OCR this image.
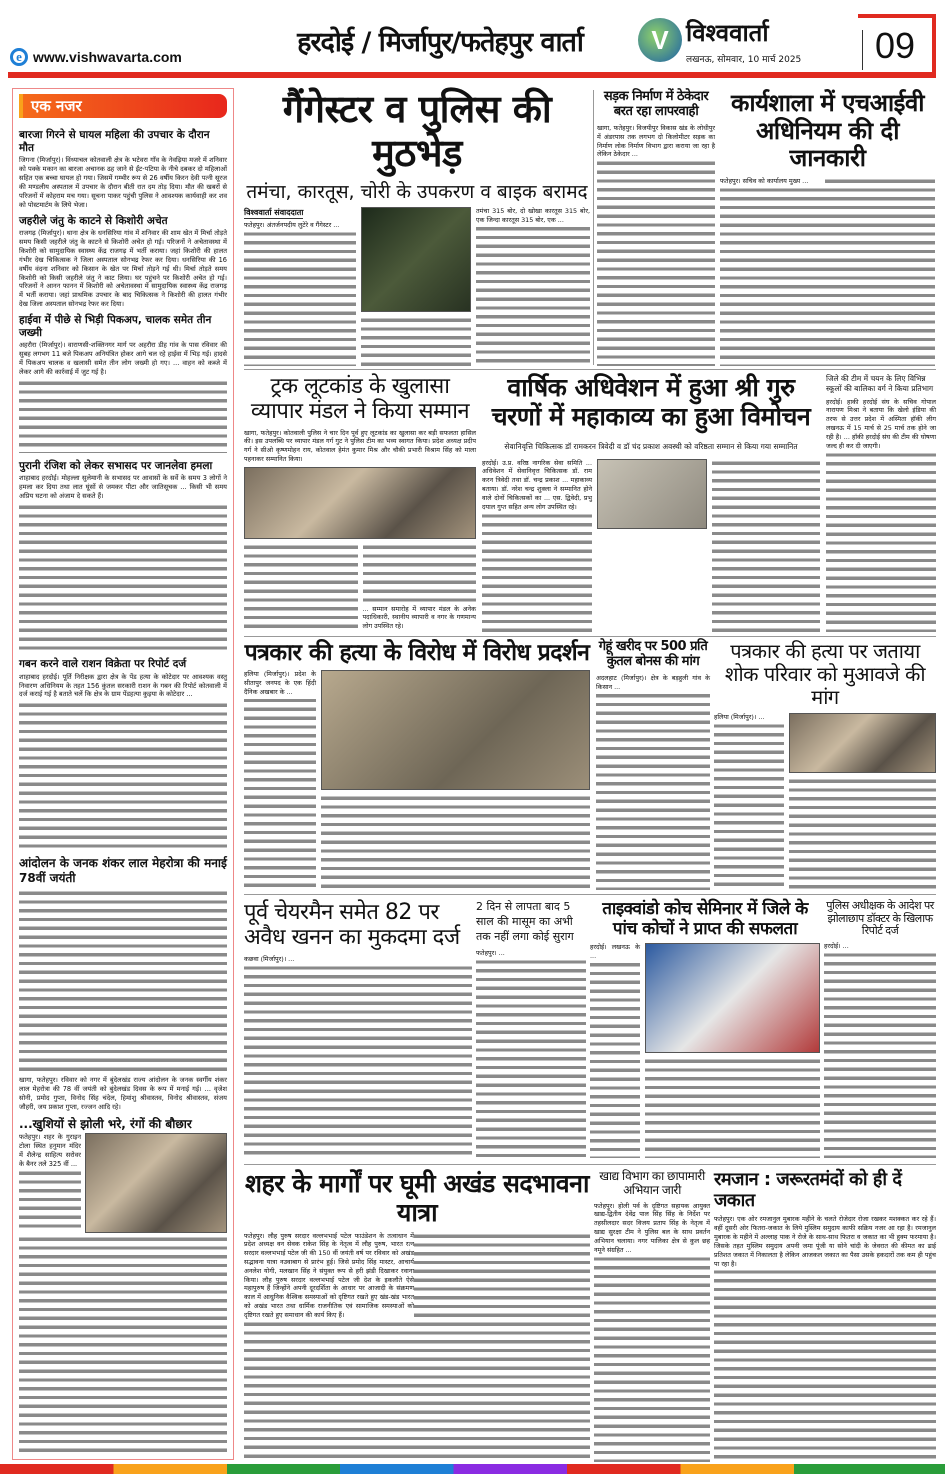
e www.vishwavarta.com	हरदोई / मिर्जापुर/फतेहपुर वार्ता	V विश्ववार्ता
लखनऊ, सोमवार, 10 मार्च 2025	09
एक नजर
बारजा गिरने से घायल महिला की उपचार के दौरान मौत
जिगना (मिर्जापुर)। विंध्याचल कोतवाली क्षेत्र के भटेवरा गाँव के नेवढ़िया मजरे में शनिवार को पक्के मकान का बारजा अचानक ढह जाने से ईंट-पटिया के नीचे दबकर दो महिलाओं सहित एक बच्चा घायल हो गया। जिसमें गम्भीर रूप से 26 वर्षीय किरन देवी पत्नी सूरज की मण्डलीय अस्पताल में उपचार के दौरान बीती रात दम तोड़ दिया। मौत की खबरों से परिजनों में कोहराम मच गया। सूचना पाकर पहुंची पुलिस ने आवश्यक कार्यवाही कर शव को पोस्टमार्टम के लिये भेजा।
जहरीले जंतु के काटने से किशोरी अचेत
राजगढ़ (मिर्जापुर)। थाना क्षेत्र के धनसिरिया गांव में शनिवार की शाम खेत में मिर्चा तोड़ते समय किसी जहरीले जंतु के काटने से किशोरी अचेत हो गई। परिजनों ने अचेतावस्था में किशोरी को सामुदायिक स्वास्थ्य केंद्र राजगढ़ में भर्ती कराया। जहां किशोरी की हालत गंभीर देख चिकित्सक ने जिला अस्पताल सोनभद्र रेफर कर दिया। धनसिरिया की 16 वर्षीय वंदना शनिवार को किसान के खेत पर मिर्चा तोड़ने गई थी। मिर्चा तोड़ते समय किशोरी को किसी जहरीले जंतु ने काट लिया। घर पहुंचने पर किशोरी अचेत हो गई। परिजनों ने आनन फानन में किशोरी को अचेतावस्था में सामुदायिक स्वास्थ्य केंद्र राजगढ़ में भर्ती कराया। जहां प्राथमिक उपचार के बाद चिकित्सक ने किशोरी की हालत गंभीर देख जिला अस्पताल सोनभद्र रेफर कर दिया।
हाईवा में पीछे से भिड़ी पिकअप, चालक समेत तीन जख्मी
अहरौरा (मिर्जापुर)। वाराणसी-शक्तिनगर मार्ग पर अहरौरा डीह गांव के पास रविवार की सुबह लगभग 11 बजे पिकअप अनियंत्रित होकर आगे चल रहे हाईवा में भिड़ गई। हादसे में पिकअप चालक व खलासी समेत तीन लोग जख्मी हो गए। ... वाहन को कब्जे में लेकर आगे की कार्रवाई में जुट गई है।
पुरानी रंजिश को लेकर सभासद पर जानलेवा हमला
शाहाबाद हरदोई। मोहल्ला सुलेमानी के सभासद पर आवासों के सर्वे के समय 3 लोगों ने हमला कर दिया तथा लात घूंसों से जमकर पीटा और जातिसूचक ... किसी भी समय अप्रिय घटना को अंजाम दे सकते हैं।
गबन करने वाले राशन विक्रेता पर रिपोर्ट दर्ज
शाहाबाद हरदोई। पूर्ति निरीक्षक द्वारा क्षेत्र के पेंड हत्या के कोटेदार पर आवश्यक वस्तु निवारण अधिनियम के तहत 156 कुंतल सरकारी राशन के गबन की रिपोर्ट कोतवाली में दर्ज कराई गई है बताते चलें कि क्षेत्र के ग्राम पेंडहत्या कुइया के कोटेदार ...
आंदोलन के जनक शंकर लाल मेहरोत्रा की मनाई 78वीं जयंती
खागा, फतेहपुर। रविवार को नगर में बुंदेलखंड राज्य आंदोलन के जनक स्वर्गीय शंकर लाल मेहरोत्रा की 78 वीं जयंती को बुंदेलखंड दिवस के रूप में मनाई गई। ... वृजेश सोनी, प्रमोद गुप्ता, विनोद सिंह चंदेल, हिमांशु श्रीवास्तव, विनोद श्रीवास्तव, संजय जौहरी, जय प्रकाश गुप्ता, रज्जन आदि रहे।
...खुशियों से झोली भरे, रंगों की बौछार
फतेहपुर। शहर के गुराइन टोला स्थित हनुमान मंदिर में शैलेन्द्र साहित्य सरोवर के बैनर तले 325 वीं ...
गैंगेस्टर व पुलिस की मुठभेड़
तमंचा, कारतूस, चोरी के उपकरण व बाइक बरामद
विश्ववार्ता संवाददाता

फतेहपुर। अंतर्जनपदीय लुटेरे व गैंगेस्टर ...

तमंचा 315 बोर, दो खोखा कारतूस 315 बोर, एक जिन्दा कारतूस 315 बोर, एक ...

सड़क निर्माण में ठेकेदार बरत रहा लापरवाही

खागा, फतेहपुर। विजयीपुर विकास खंड के लोधीपुर में अंडरपास तक लगभग दो किलोमीटर सड़क का निर्माण लोक निर्माण विभाग द्वारा कराया जा रहा है लेकिन ठेकेदार ...

कार्यशाला में एचआईवी अधिनियम की दी जानकारी

फतेहपुर। सचिव को कार्यालय मुख्य ...

ट्रक लूटकांड के खुलासा व्यापार मंडल ने किया सम्मान

खागा, फतेहपुर। कोतवाली पुलिस ने चार दिन पूर्व हुए लूटकांड का खुलासा कर बड़ी सफलता हासिल की। इस उपलब्धि पर व्यापार मंडल गर्ग गुट ने पुलिस टीम का भव्य स्वागत किया। प्रदेश अध्यक्ष प्रदीप गर्ग ने सीओ कृष्णमोहन राय, कोतवाल हेमंत कुमार मिश्र और चौकी प्रभारी विश्राम सिंह को माला पहनाकर सम्मानित किया।

... सम्मान समारोह में व्यापार मंडल के अनेक पदाधिकारी, स्थानीय व्यापारी व नगर के गणमान्य लोग उपस्थित रहे।

वार्षिक अधिवेशन में हुआ श्री गुरु चरणों में महाकाव्य का हुआ विमोचन
सेवानिवृत्ति चिकित्सक डॉ रामकरन त्रिवेदी व डॉ चंद प्रकाश अवस्थी को वरिष्ठता सम्मान से किया गया सम्मानित

हरदोई। उ.प्र. वरिष्ठ नागरिक सेवा समिति ... अधिवेशन में सेवानिवृत्त चिकित्सक डॉ. राम करन त्रिवेदी तथा डॉ. चन्द्र प्रकाश ... महाकाव्य बताया। डॉ. नरेश चन्द्र शुक्ला ने सम्मानित होने वाले दोनों चिकित्सकों का ... एस. द्विवेदी, प्रभु दयाल गुप्त सहित अन्य लोग उपस्थित रहे।

जिले की टीम में चयन के लिए विभिन्न स्कूलों की बालिका वर्ग ने किया प्रतिभाग

हरदोई। हाकी हरदोई संघ के सचिव गोपाल नारायण मिश्रा ने बताया कि खेलो इंडिया की तरफ से उत्तर प्रदेश में अस्मिता हॉकी लीग लखनऊ में 15 मार्च से 25 मार्च तक होने जा रही है। ... हॉकी हरदोई संघ की टीम की घोषणा जल्द ही कर दी जाएगी।

पत्रकार की हत्या के विरोध में विरोध प्रदर्शन

हलिया (मिर्जापुर)। प्रदेश के सीतापुर जनपद के एक हिंदी दैनिक अखबार के ...

गेहूं खरीद पर 500 प्रति कुंतल बोनस की मांग

अदलहाट (मिर्जापुर)। क्षेत्र के बड़हुली गांव के किसान ...

पत्रकार की हत्या पर जताया शोक परिवार को मुआवजे की मांग

हलिया (मिर्जापुर)। ...

पूर्व चेयरमैन समेत 82 पर अवैध खनन का मुकदमा दर्ज

कछवा (मिर्जापुर)। ...

2 दिन से लापता बाद 5 साल की मासूम का अभी तक नहीं लगा कोई सुराग

फतेहपुर। ...

ताइक्वांडो कोच सेमिनार में जिले के पांच कोचों ने प्राप्त की सफलता

हरदोई। लखनऊ के ...

पुलिस अधीक्षक के आदेश पर झोलाछाप डॉक्टर के खिलाफ रिपोर्ट दर्ज

हरदोई। ...

शहर के मार्गों पर घूमी अखंड सदभावना यात्रा

फतेहपुर। लौह पुरुष सरदार वल्लभभाई पटेल फाउंडेशन के तत्वाधान में प्रदेश अध्यक्ष वन सेवक राकेश सिंह के नेतृत्व में लौह पुरुष, भारत रत्न सरदार वल्लभभाई पटेल जी की 150 वीं जयंती वर्ष पर रविवार को अखंड सद्भावना यात्रा नउवाबाग से प्रारंभ हुई। जिसे प्रमोद सिंह मास्टर, आचार्य अनलेश योगी, मलखान सिंह ने संयुक्त रूप से हरी झंडी दिखाकर रवाना किया। लौह पुरुष सरदार वल्लभभाई पटेल जी देश के इकलौते ऐसे महापुरुष हैं जिन्होंने अपनी दूरदर्शिता के आधार पर आजादी के संक्रमण काल में आधुनिक वैश्विक समस्याओं को दृष्टिगत रखते हुए खंड-खंड भारत को अखंड भारत तथा धार्मिक राजनीतिक एवं सामाजिक समस्याओं को दृष्टिगत रखते हुए समाधान की कार्य किए हैं।

खाद्य विभाग का छापामारी अभियान जारी

फतेहपुर। होली पर्व के दृष्टिगत सहायक आयुक्त खाद्य-द्वितीय देवेंद्र पाल सिंह सिंह के निर्देश पर तहसीलदार सदर विजय प्रताप सिंह के नेतृत्व में खाद्य सुरक्षा टीम ने पुलिस बल के साथ प्रवर्तन अभियान चलाया। नगर पालिका क्षेत्र से कुल छह नमूने संग्रहित ...

रमजान : जरूरतमंदों को ही दें जकात

फतेहपुर। एक ओर रमजानुल मुबारक महीने के चलते रोजेदार रोजा रखकर मशक्कत कर रहे हैं। वहीं दूसरी ओर फितरा-जकात के लिये मुस्लिम समुदाय काफी सक्रिय नजर आ रहा है। रमजानुल मुबारक के महीने में अल्लाह पाक ने रोजे के साथ-साथ फितरा व जकात का भी हुक्म फरमाया है। जिसके तहत मुस्लिम समुदाय अपनी जमा पूंजी या सोने चांदी के जेवरात की कीमत का ढाई प्रतिशत जकात में निकालता है लेकिन आजकल जकात का पैसा उसके हकदारों तक कम ही पहुंच पा रहा है।
